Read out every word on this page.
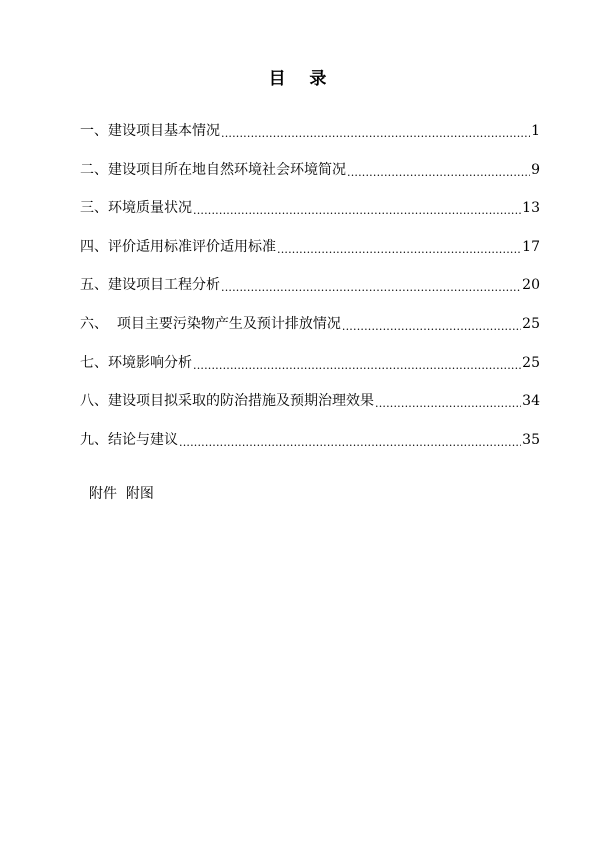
目    录
一、建设项目基本情况 .....	1
二、建设项目所在地自然环境社会环境简况 .....	9
三、环境质量状况 .....	13
四、评价适用标准评价适用标准 .....	17
五、建设项目工程分析 .....	20
六、  项目主要污染物产生及预计排放情况 .....	25
七、环境影响分析 .....	25
八、建设项目拟采取的防治措施及预期治理效果 .....	34
九、结论与建议 .....	35
附件  附图
